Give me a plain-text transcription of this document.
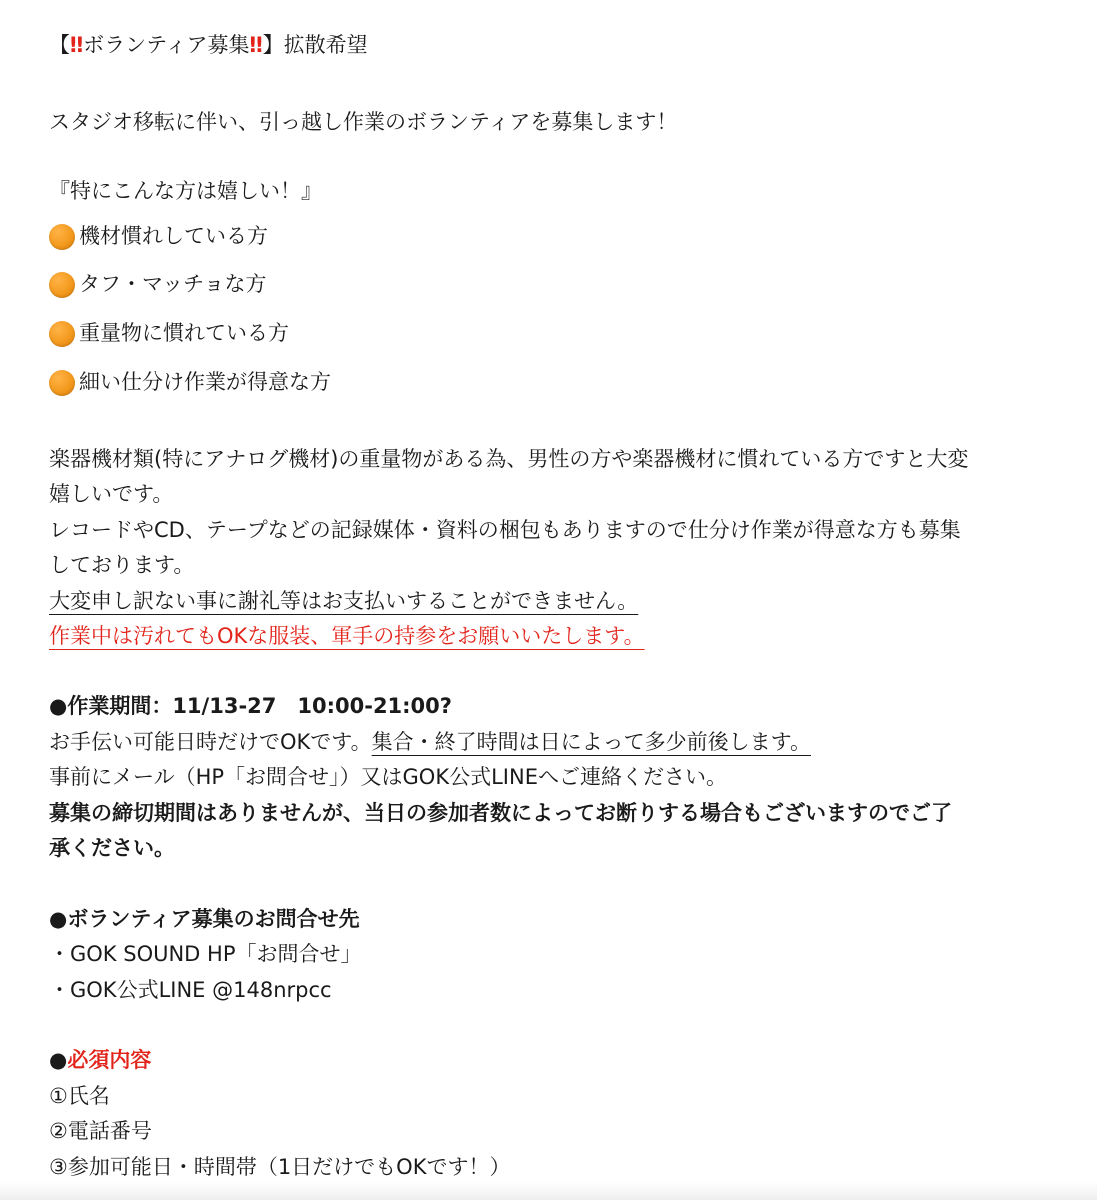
【‼ ボランティア募集‼ 】拡散希望
スタジオ移転に伴い、引っ越し作業のボランティアを募集します！
『特にこんな方は嬉しい！』
機材慣れしている方
タフ・マッチョな方
重量物に慣れている方
細い仕分け作業が得意な方
楽器機材類(特にアナログ機材)の重量物がある為、男性の方や楽器機材に慣れている方ですと大変
嬉しいです。
レコードやCD、テープなどの記録媒体・資料の梱包もありますので仕分け作業が得意な方も募集
しております。
大変申し訳ない事に謝礼等はお支払いすることができません。
作業中は汚れてもOKな服装、軍手の持参をお願いいたします。
●作業期間：11/13-27　10:00-21:00?
お手伝い可能日時だけでOKです。集合・終了時間は日によって多少前後します。
事前にメール（HP「お問合せ」）又はGOK公式LINEへご連絡ください。
募集の締切期間はありませんが、当日の参加者数によってお断りする場合もございますのでご了
承ください。
●ボランティア募集のお問合せ先
・GOK SOUND HP「お問合せ」
・GOK公式LINE @148nrpcc
●必須内容
①氏名
②電話番号
③参加可能日・時間帯（1日だけでもOKです！）
